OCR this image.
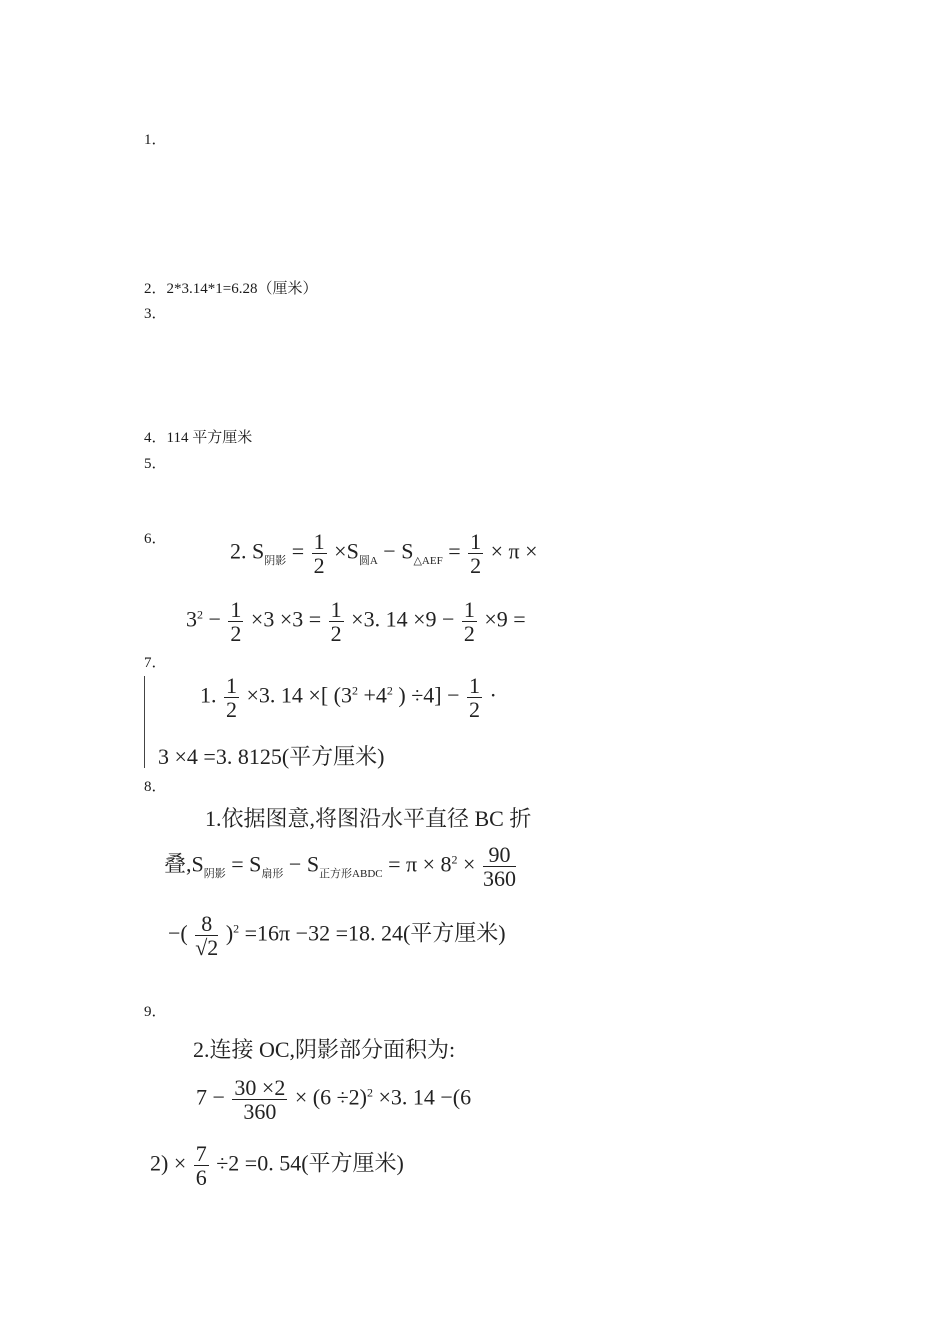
1．
2．2*3.14*1=6.28（厘米）
3．
4．114 平方厘米
5．
6．
7．
8．
9．
2. $S_{阴影} = \frac{1}{2} \times S_{圆A} - S_{\triangle AEF} = \frac{1}{2} \times \pi$ ×
$3^2 - \frac{1}{2} \times 3 \times 3 = \frac{1}{2} \times 3$. $14 \times 9 - \frac{1}{2} \times 9$ =
1. $\frac{1}{2} \times 3$. 14 ×[ ($3^2 +4^2$ ) $\div 4] - \frac{1}{2}$ ·
3 ×4 =3. 8125(平方厘米)
1.依据图意,将图沿水平直径 BC 折
叠$,S_{阴影} = S_{扇形} - S_{正方形ABDC} = \pi \times 8^2 \times \frac{90}{360}$
−( $\frac{8}{√2} )^2 =16\pi -32 =18$. 24(平方厘米)
2.连接 OC,阴影部分面积为:
$7 - \frac{30 \times 2}{360} \times (6 \div 2)^2 \times 3$. 14 −(6
$2) \times \frac{7}{6} \div 2 =0$. 54(平方厘米)
